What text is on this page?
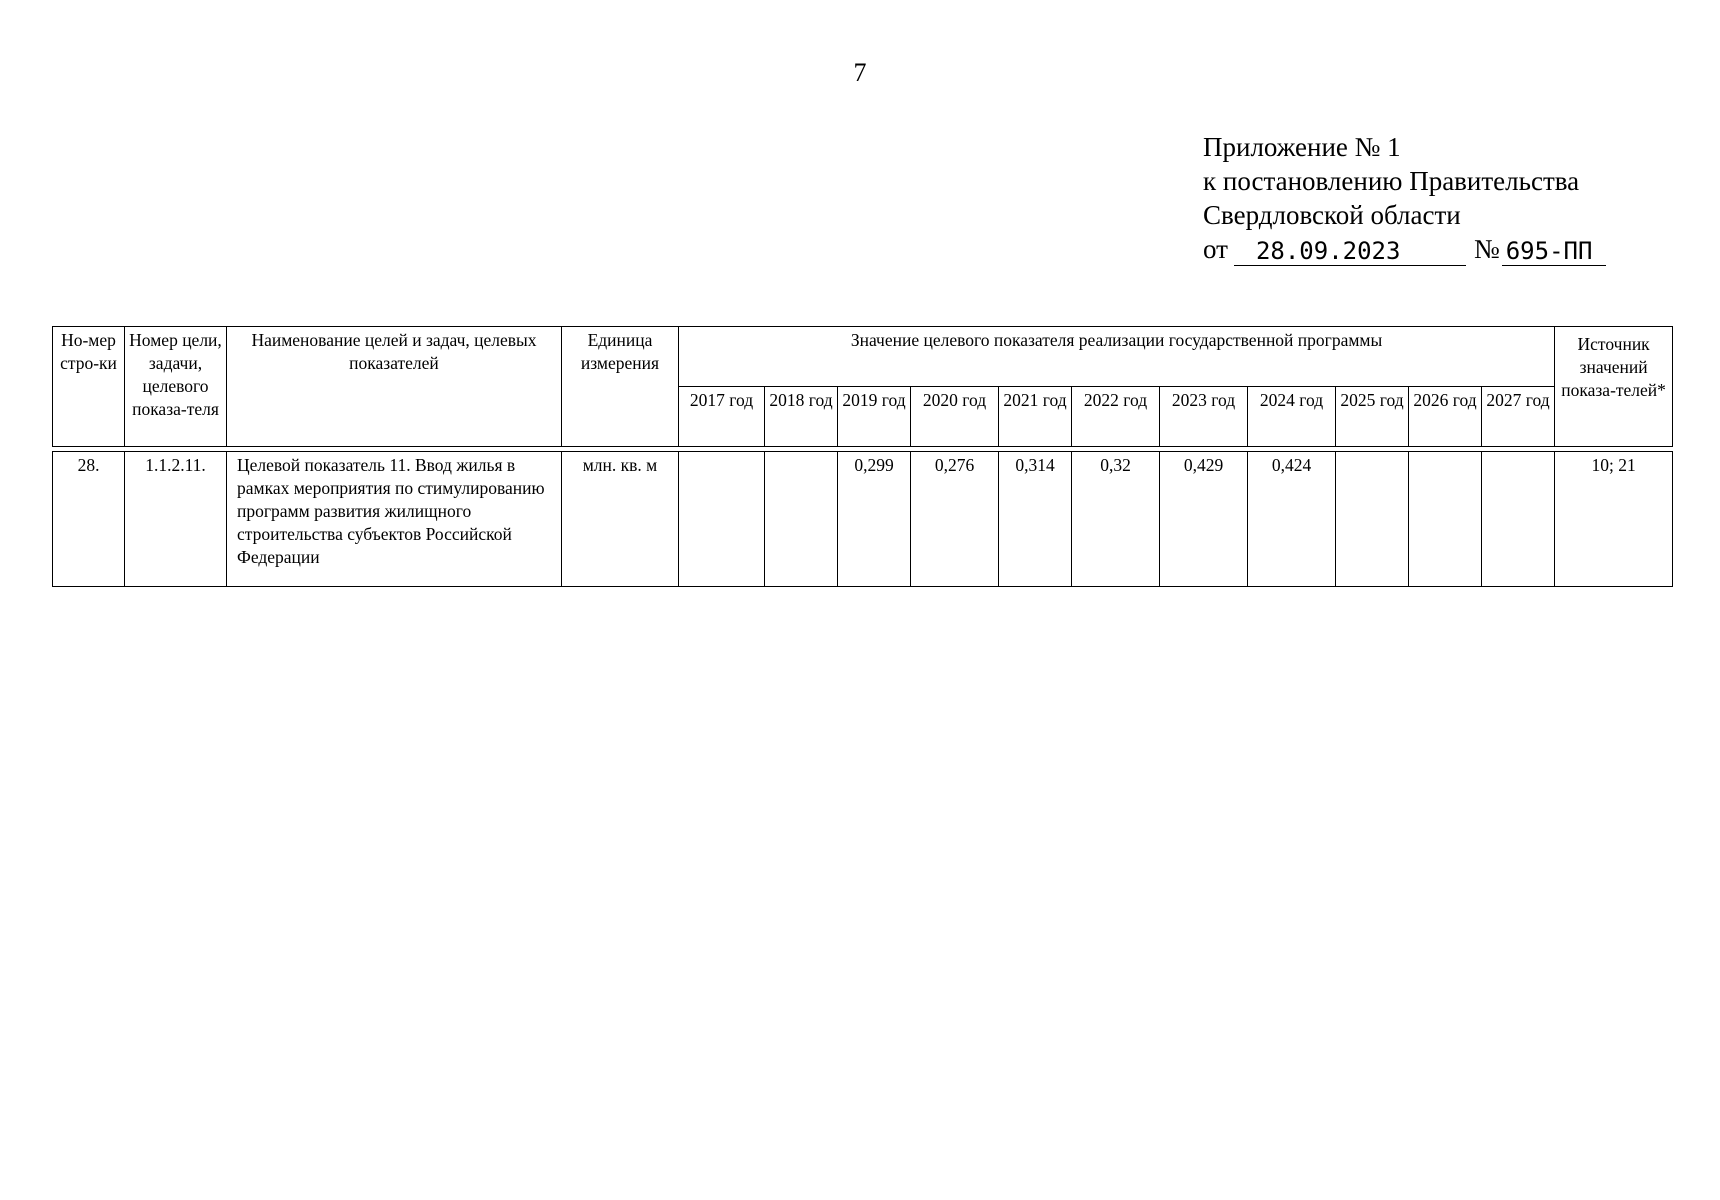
7
Приложение № 1
к постановлению Правительства
Свердловской области
от	28.09.2023	№ 695-ПП
Но-мер стро-ки	Номер цели, задачи, целевого показа-теля	Наименование целей и задач, целевых показателей	Единица измерения	Значение целевого показателя реализации государственной программы											Источник значений показа-телей*
				2017 год	2018 год	2019 год	2020 год	2021 год	2022 год	2023 год	2024 год	2025 год	2026 год	2027 год	

28.	1.1.2.11.	Целевой показатель 11. Ввод жилья в рамках мероприятия по стимулированию программ развития жилищного строительства субъектов Российской Федерации	млн. кв. м			0,299	0,276	0,314	0,32	0,429	0,424				10; 21
